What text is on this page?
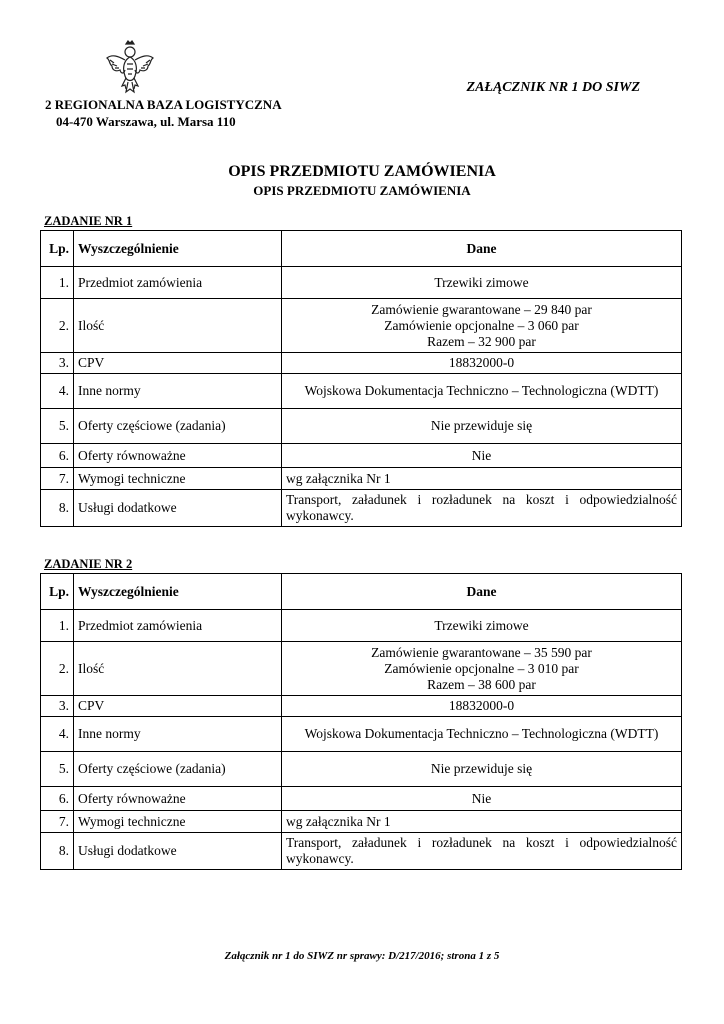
ZAŁĄCZNIK NR 1 DO SIWZ
2 REGIONALNA BAZA LOGISTYCZNA
04-470 Warszawa, ul. Marsa 110
OPIS PRZEDMIOTU ZAMÓWIENIA
OPIS PRZEDMIOTU ZAMÓWIENIA
ZADANIE NR 1
Lp.	Wyszczególnienie	Dane
1.	Przedmiot zamówienia	Trzewiki zimowe
2.	Ilość	Zamówienie gwarantowane – 29 840 par
Zamówienie opcjonalne – 3 060 par
Razem – 32 900 par

3.	CPV	18832000-0
4.	Inne normy	Wojskowa Dokumentacja Techniczno – Technologiczna (WDTT)
5.	Oferty częściowe (zadania)	Nie przewiduje się
6.	Oferty równoważne	Nie
7.	Wymogi techniczne	wg załącznika Nr 1
8.	Usługi dodatkowe	Transport, załadunek i rozładunek na koszt i odpowiedzialność wykonawcy.
ZADANIE NR 2
Lp.	Wyszczególnienie	Dane
1.	Przedmiot zamówienia	Trzewiki zimowe
2.	Ilość	Zamówienie gwarantowane – 35 590 par
Zamówienie opcjonalne – 3 010 par
Razem – 38 600 par

3.	CPV	18832000-0
4.	Inne normy	Wojskowa Dokumentacja Techniczno – Technologiczna (WDTT)
5.	Oferty częściowe (zadania)	Nie przewiduje się
6.	Oferty równoważne	Nie
7.	Wymogi techniczne	wg załącznika Nr 1
8.	Usługi dodatkowe	Transport, załadunek i rozładunek na koszt i odpowiedzialność wykonawcy.
Załącznik nr 1 do SIWZ nr sprawy: D/217/2016; strona 1 z 5
